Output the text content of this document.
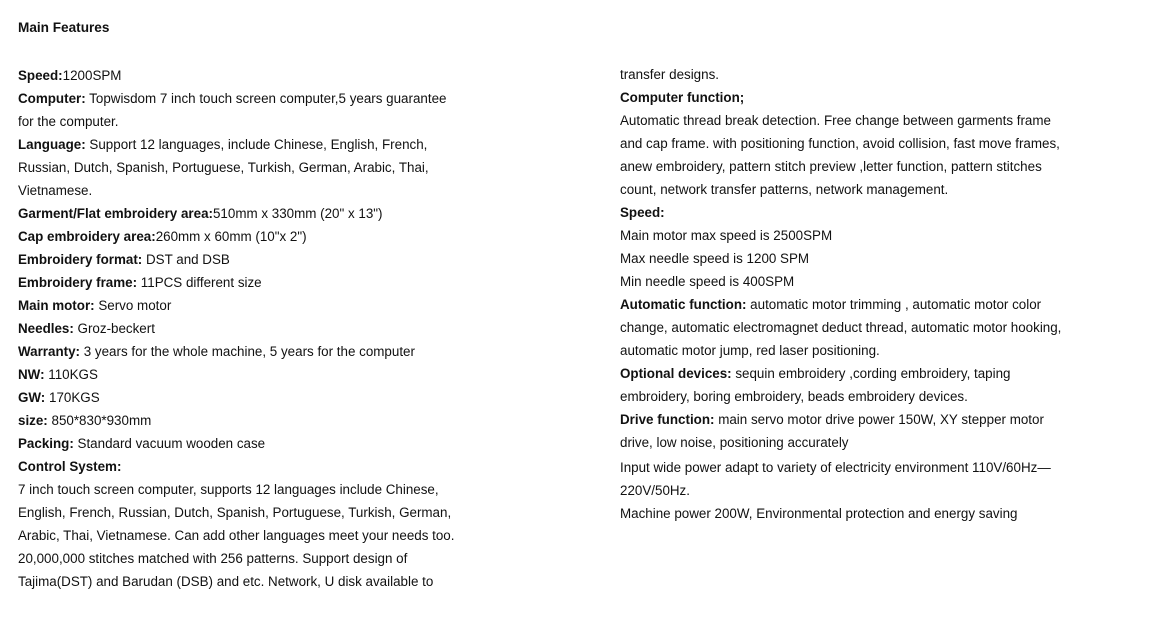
Main Features
Speed:1200SPM
Computer: Topwisdom 7 inch touch screen computer,5 years guarantee
for the computer.
Language: Support 12 languages, include Chinese, English, French,
Russian, Dutch, Spanish, Portuguese, Turkish, German, Arabic, Thai,
Vietnamese.
Garment/Flat embroidery area:510mm x 330mm (20" x 13")
Cap embroidery area:260mm x 60mm (10"x 2")
Embroidery format: DST and DSB
Embroidery frame: 11PCS different size
Main motor: Servo motor
Needles: Groz-beckert
Warranty: 3 years for the whole machine, 5 years for the computer
NW: 110KGS
GW: 170KGS
size: 850*830*930mm
Packing: Standard vacuum wooden case
Control System:
7 inch touch screen computer, supports 12 languages include Chinese,
English, French, Russian, Dutch, Spanish, Portuguese, Turkish, German,
Arabic, Thai, Vietnamese. Can add other languages meet your needs too.
20,000,000 stitches matched with 256 patterns. Support design of
Tajima(DST) and Barudan (DSB) and etc. Network, U disk available to
transfer designs.
Computer function;
Automatic thread break detection. Free change between garments frame
and cap frame. with positioning function, avoid collision, fast move frames,
anew embroidery, pattern stitch preview ,letter function, pattern stitches
count, network transfer patterns, network management.
Speed:
Main motor max speed is 2500SPM
Max needle speed is 1200 SPM
Min needle speed is 400SPM
Automatic function: automatic motor trimming , automatic motor color
change, automatic electromagnet deduct thread, automatic motor hooking,
automatic motor jump, red laser positioning.
Optional devices: sequin embroidery ,cording embroidery, taping
embroidery, boring embroidery, beads embroidery devices.
Drive function: main servo motor drive power 150W, XY stepper motor
drive, low noise, positioning accurately
Input wide power adapt to variety of electricity environment 110V/60Hz—
220V/50Hz.
Machine power 200W, Environmental protection and energy saving
